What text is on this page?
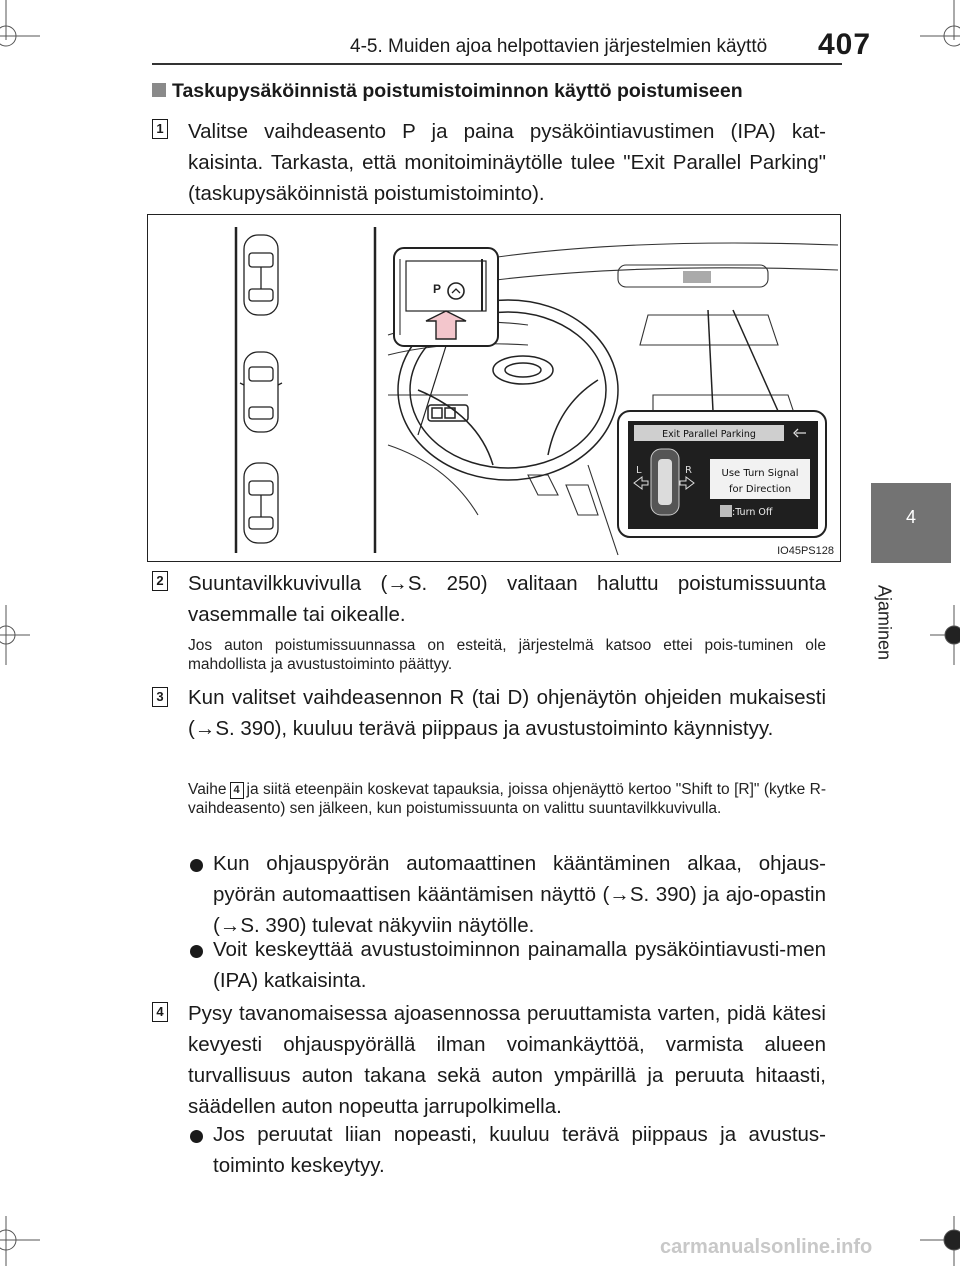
4-5. Muiden ajoa helpottavien järjestelmien käyttö 407
4
Ajaminen
Taskupysäköinnistä poistumistoiminnon käyttö poistumiseen
1 Valitse vaihdeasento P ja paina pysäköintiavustimen (IPA) kat-kaisinta. Tarkasta, että monitoiminäytölle tulee "Exit Parallel Parking" (taskupysäköinnistä poistumistoiminto).
P
Exit Parallel Parking
L	R	Use Turn Signal
for Direction
:Turn Off
IO45PS128
2 Suuntavilkkuvivulla (→S. 250) valitaan haluttu poistumissuunta vasemmalle tai oikealle.
Jos auton poistumissuunnassa on esteitä, järjestelmä katsoo ettei pois-tuminen ole mahdollista ja avustustoiminto päättyy.
3 Kun valitset vaihdeasennon R (tai D) ohjenäytön ohjeiden mukaisesti (→S. 390), kuuluu terävä piippaus ja avustustoiminto käynnistyy.
Vaihe 4 ja siitä eteenpäin koskevat tapauksia, joissa ohjenäyttö kertoo "Shift to [R]" (kytke R-vaihdeasento) sen jälkeen, kun poistumissuunta on valittu suuntavilkkuvivulla.
Kun ohjauspyörän automaattinen kääntäminen alkaa, ohjaus-pyörän automaattisen kääntämisen näyttö (→S. 390) ja ajo-opastin (→S. 390) tulevat näkyviin näytölle.
Voit keskeyttää avustustoiminnon painamalla pysäköintiavusti-men (IPA) katkaisinta.
4 Pysy tavanomaisessa ajoasennossa peruuttamista varten, pidä kätesi kevyesti ohjauspyörällä ilman voimankäyttöä, varmista alueen turvallisuus auton takana sekä auton ympärillä ja peruuta hitaasti, säädellen auton nopeutta jarrupolkimella.
Jos peruutat liian nopeasti, kuuluu terävä piippaus ja avustus-toiminto keskeytyy.
carmanualsonline.info
